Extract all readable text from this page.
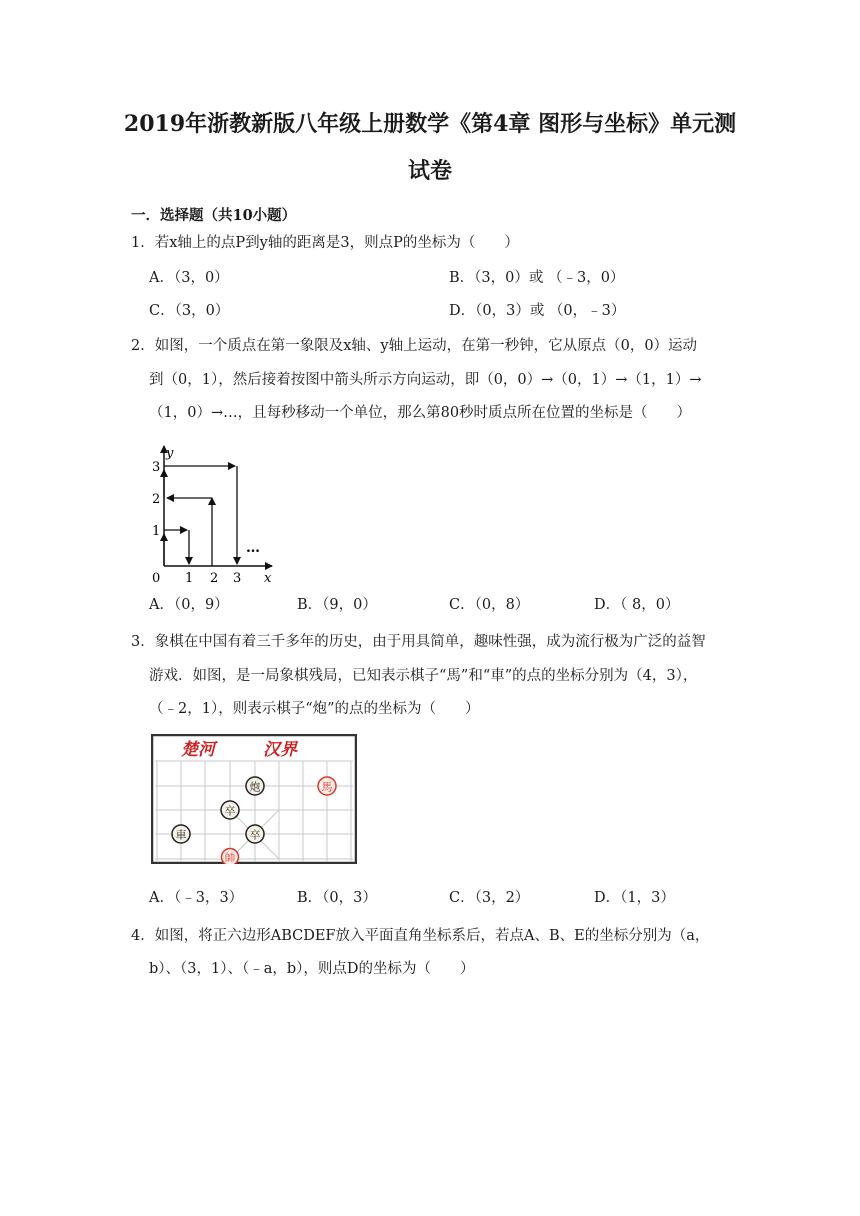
2019年浙教新版八年级上册数学《第4章 图形与坐标》单元测
试卷
一．选择题（共10小题）
1．若x轴上的点P到y轴的距离是3，则点P的坐标为（　　）
A．（3，0）	B．（3，0）或 （﹣3，0）
C．（3，0）	D．（0，3）或 （0，﹣3）
2．如图，一个质点在第一象限及x轴、y轴上运动，在第一秒钟，它从原点（0，0）运动
到（0，1），然后接着按图中箭头所示方向运动，即（0，0）→（0，1）→（1，1）→
（1，0）→…，且每秒移动一个单位，那么第80秒时质点所在位置的坐标是（　　）
y
x
0 1 2 3
1
2
3
…
A．（0，9）	B．（9，0）	C．（0，8）	D．（ 8，0）
3．象棋在中国有着三千多年的历史，由于用具简单，趣味性强，成为流行极为广泛的益智
游戏．如图，是一局象棋残局，已知表示棋子“馬”和“車”的点的坐标分别为（4，3），
（﹣2，1），则表示棋子“炮”的点的坐标为（　　）
楚河	汉界
炮	馬
卒
車	卒
帥
A．（﹣3，3）	B．（0，3）	C．（3，2）	D．（1，3）
4．如图，将正六边形ABCDEF放入平面直角坐标系后，若点A、B、E的坐标分别为（a，
b）、（3，1）、（﹣a，b），则点D的坐标为（　　）
